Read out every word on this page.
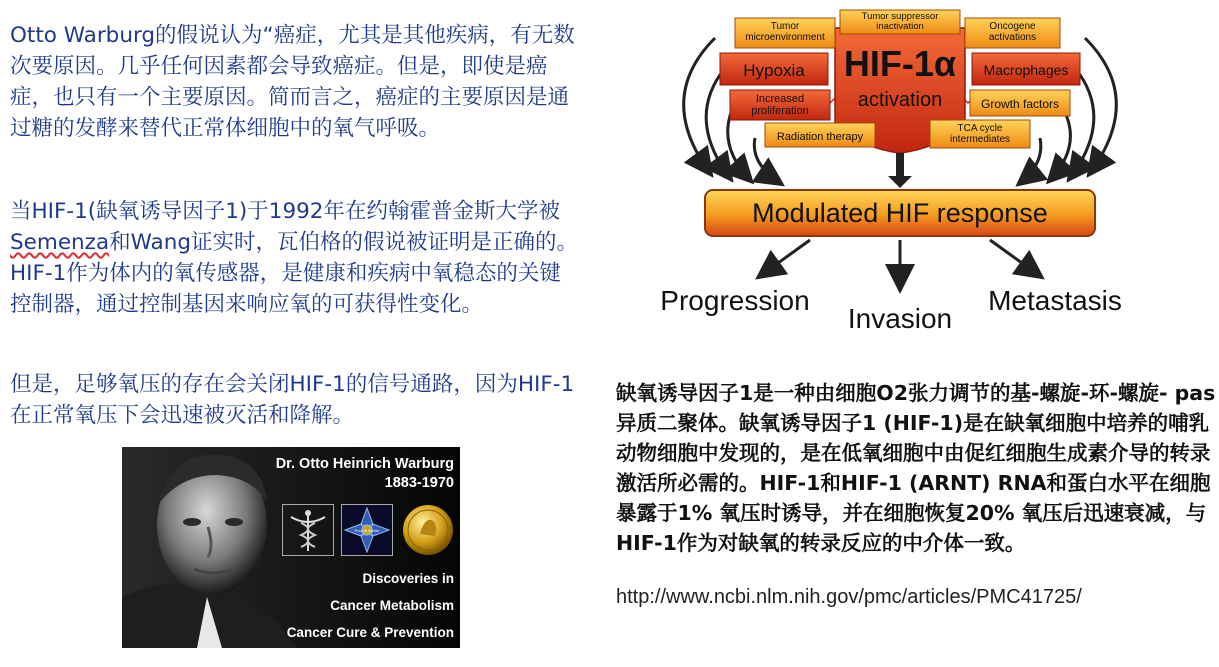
Otto Warburg的假说认为“癌症，尤其是其他疾病，有无数次要原因。几乎任何因素都会导致癌症。但是，即使是癌症，也只有一个主要原因。简而言之，癌症的主要原因是通过糖的发酵来替代正常体细胞中的氧气呼吸。

当HIF-1(缺氧诱导因子1)于1992年在约翰霍普金斯大学被Semenza和Wang证实时，瓦伯格的假说被证明是正确的。HIF-1作为体内的氧传感器，是健康和疾病中氧稳态的关键控制器，通过控制基因来响应氧的可获得性变化。

但是，足够氧压的存在会关闭HIF-1的信号通路，因为HIF-1在正常氧压下会迅速被灭活和降解。

Dr. Otto Heinrich Warburg
1883-1970
Pour le Mérite
Discoveries in
Cancer Metabolism
Cancer Cure & Prevention
HIF-1α
activation
Tumor microenvironment
Tumor suppressor inactivation	Oncogene activations
Hypoxia	Macrophages
Increased proliferation	Growth factors
Radiation therapy
TCA cycle intermediates
Modulated HIF response
Progression
Invasion
Metastasis

缺氧诱导因子1是一种由细胞O2张力调节的基-螺旋-环-螺旋- pas异质二聚体。缺氧诱导因子1 (HIF-1)是在缺氧细胞中培养的哺乳动物细胞中发现的，是在低氧细胞中由促红细胞生成素介导的转录激活所必需的。HIF-1和HIF-1 (ARNT) RNA和蛋白水平在细胞暴露于1% 氧压时诱导，并在细胞恢复20% 氧压后迅速衰减，与HIF-1作为对缺氧的转录反应的中介体一致。

http://www.ncbi.nlm.nih.gov/pmc/articles/PMC41725/
